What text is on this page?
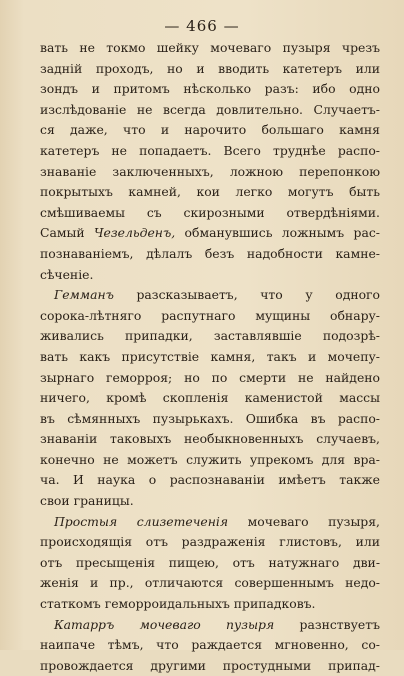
— 466 —
вать не токмо шейку мочеваго пузыря чрезъ
задній проходъ, но и вводить катетеръ или
зондъ и притомъ нѣсколько разъ: ибо одно
изслѣдованіе не всегда довлительно. Случаетъ-
ся даже, что и нарочито большаго камня
катетеръ не попадаетъ. Всего труднѣе распо-
знаваніе заключенныхъ, ложною перепонкою
покрытыхъ камней, кои легко могутъ быть
смѣшиваемы съ скирозными отвердѣніями.
Самый Чезельденъ, обманувшись ложнымъ рас-
познаваніемъ, дѣлалъ безъ надобности камне-
сѣченіе.
Гемманъ разсказываетъ, что у одного
сорока-лѣтняго распутнаго мущины обнару-
живались припадки, заставлявшіе подозрѣ-
вать какъ присутствіе камня, такъ и мочепу-
зырнаго геморроя; но по смерти не найдено
ничего, кромѣ скопленія каменистой массы
въ сѣмянныхъ пузырькахъ. Ошибка въ распо-
знаваніи таковыхъ необыкновенныхъ случаевъ,
конечно не можетъ служить упрекомъ для вра-
ча. И наука о распознаваніи имѣетъ также
свои границы.
Простыя слизетеченія мочеваго пузыря,
происходящія отъ раздраженія глистовъ, или
отъ пресыщенія пищею, отъ натужнаго дви-
женія и пр., отличаются совершеннымъ недо-
статкомъ геморроидальныхъ припадковъ.
Катарръ мочеваго пузыря разнствуетъ
наипаче тѣмъ, что раждается мгновенно, со-
провождается другими простудными припад-
